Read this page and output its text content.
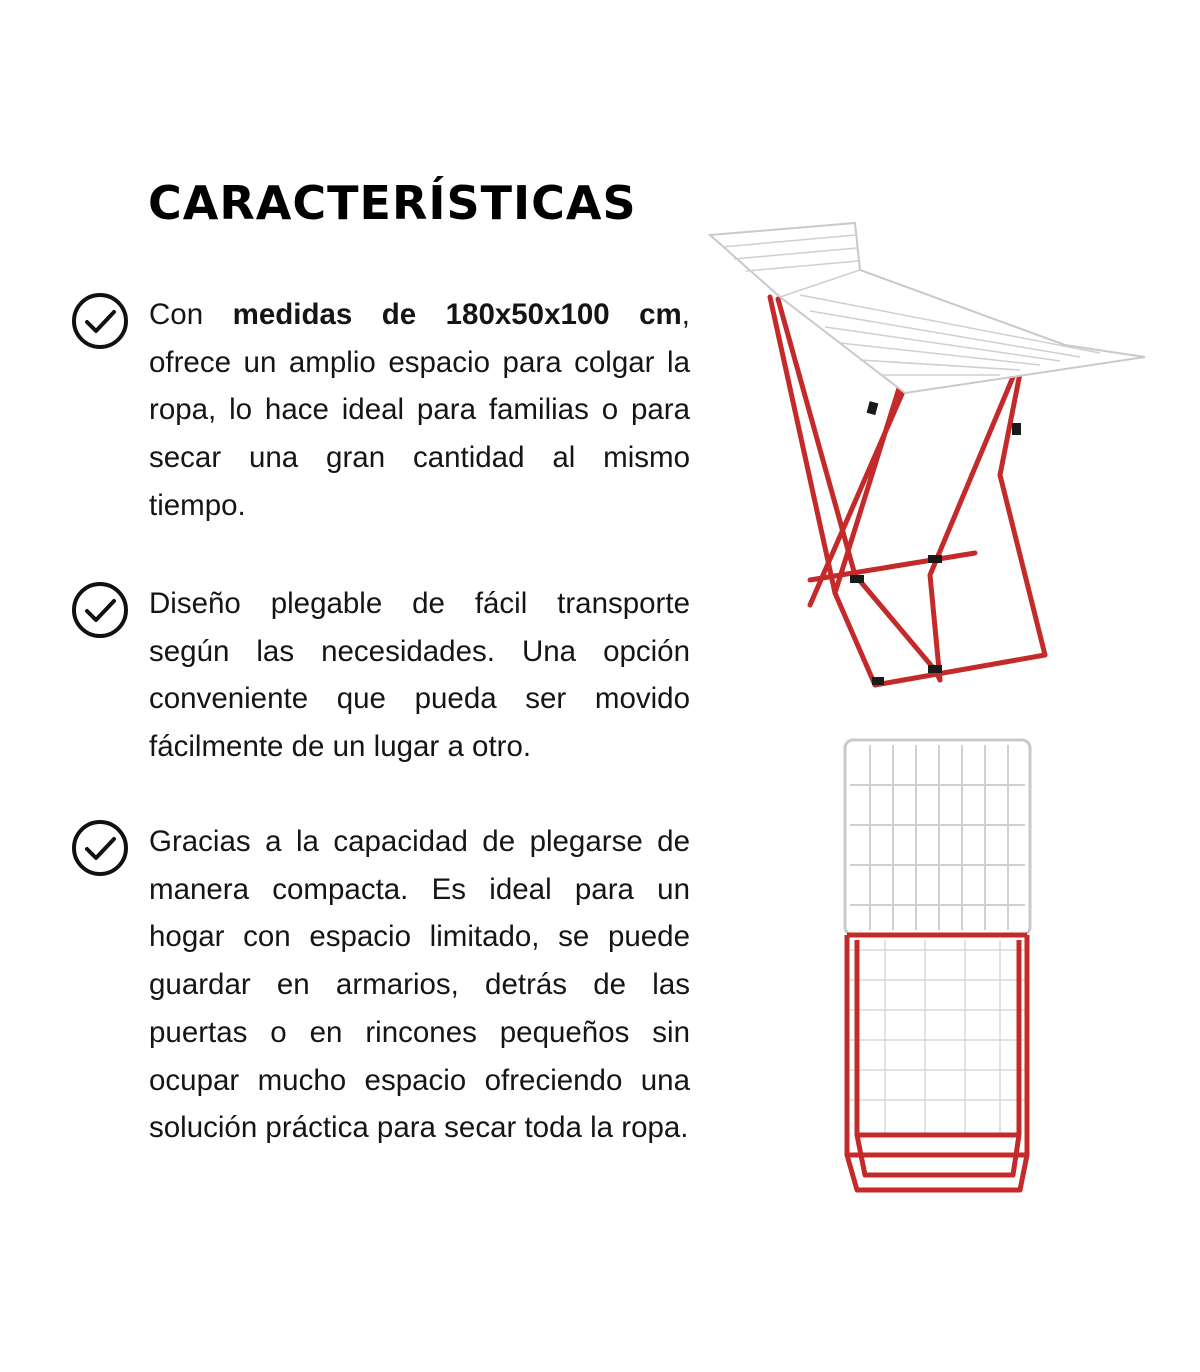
CARACTERÍSTICAS
Con medidas de 180x50x100 cm, ofrece un amplio espacio para colgar la ropa, lo hace ideal para familias o para secar una gran cantidad al mismo tiempo.
Diseño plegable de fácil transporte según las necesidades. Una opción conveniente que pueda ser movido fácilmente de un lugar a otro.
Gracias a la capacidad de plegarse de manera compacta. Es ideal para un hogar con espacio limitado, se puede guardar en armarios, detrás de las puertas o en rincones pequeños sin ocupar mucho espacio ofreciendo una solución práctica para secar toda la ropa.
